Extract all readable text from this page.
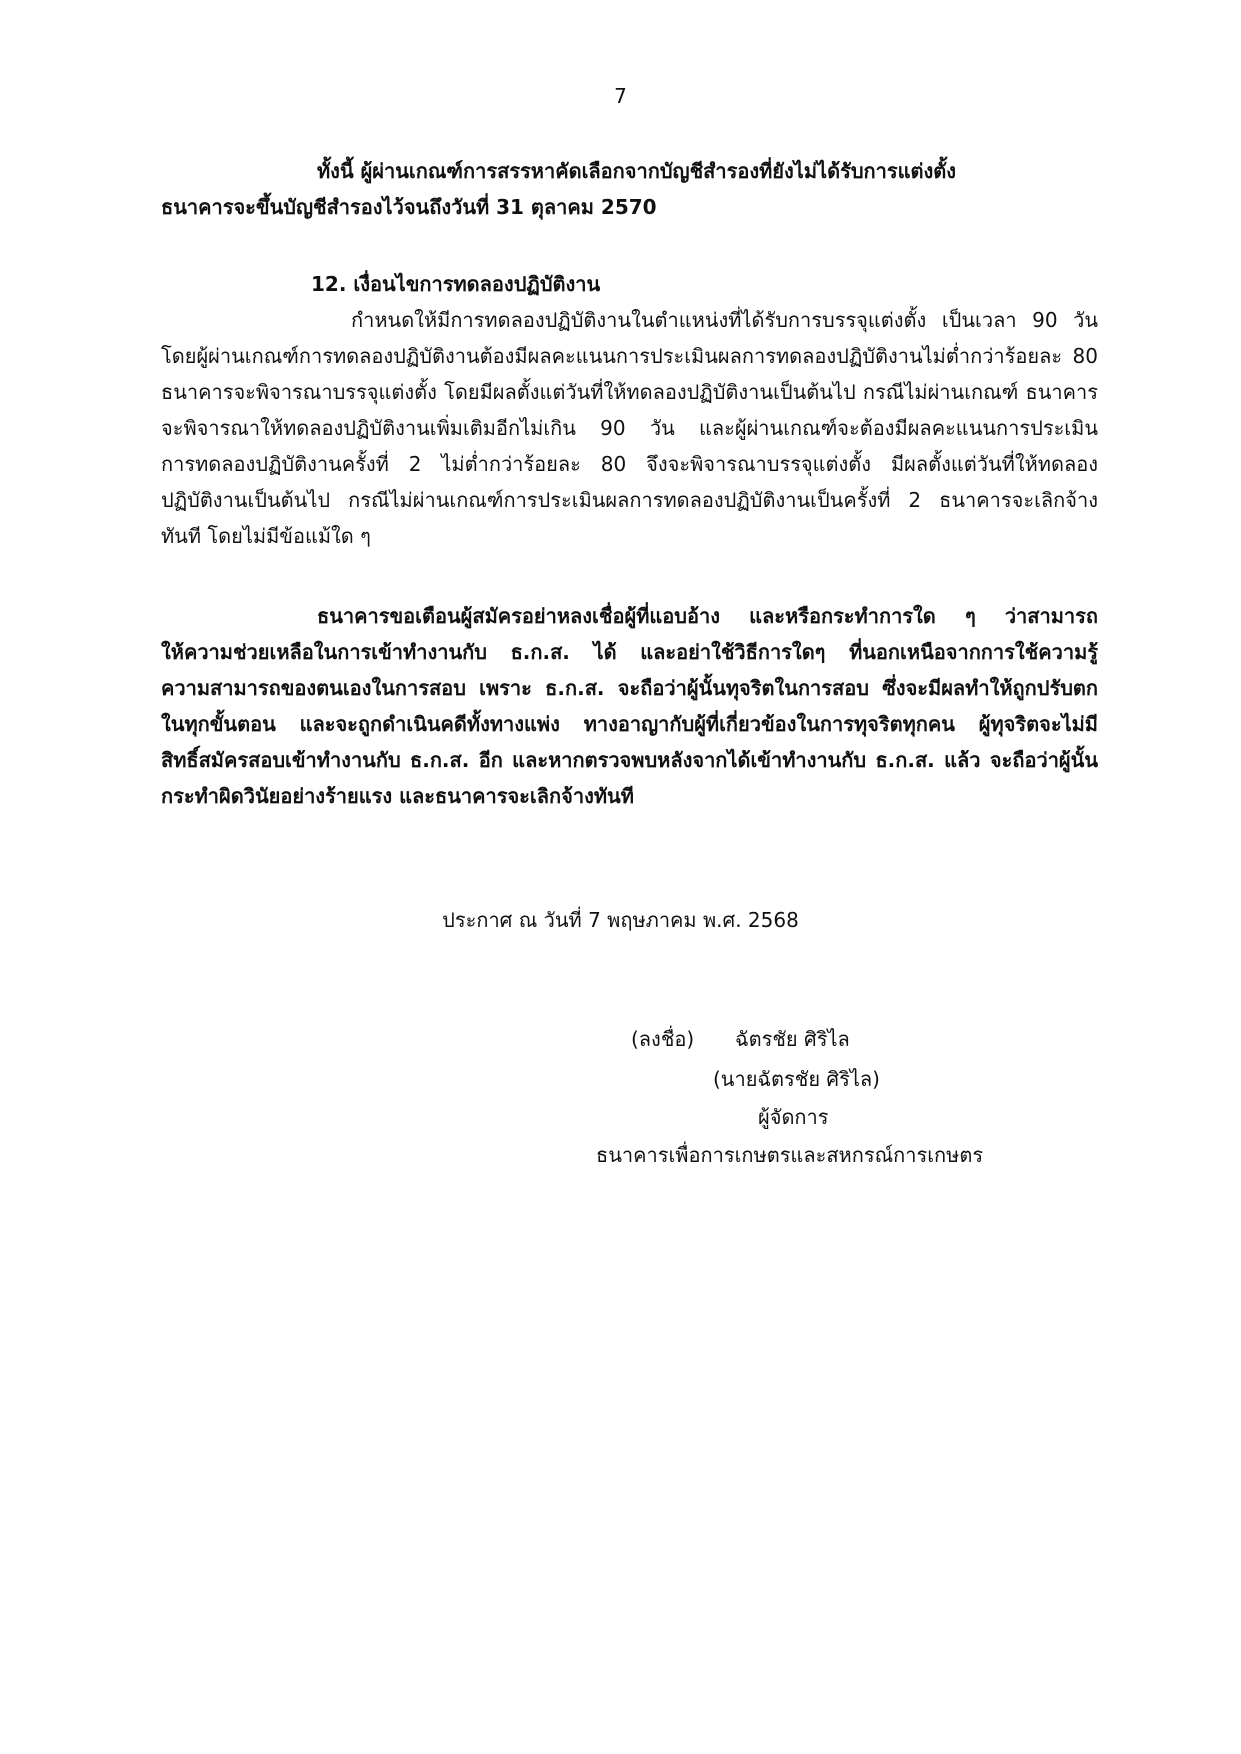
7
ทั้งนี้ ผู้ผ่านเกณฑ์การสรรหาคัดเลือกจากบัญชีสำรองที่ยังไม่ได้รับการแต่งตั้ง
ธนาคารจะขึ้นบัญชีสำรองไว้จนถึงวันที่ 31 ตุลาคม 2570
12. เงื่อนไขการทดลองปฏิบัติงาน
กำหนดให้มีการทดลองปฏิบัติงานในตำแหน่งที่ได้รับการบรรจุแต่งตั้ง เป็นเวลา 90 วัน
โดยผู้ผ่านเกณฑ์การทดลองปฏิบัติงานต้องมีผลคะแนนการประเมินผลการทดลองปฏิบัติงานไม่ต่ำกว่าร้อยละ 80
ธนาคารจะพิจารณาบรรจุแต่งตั้ง โดยมีผลตั้งแต่วันที่ให้ทดลองปฏิบัติงานเป็นต้นไป กรณีไม่ผ่านเกณฑ์ ธนาคาร
จะพิจารณาให้ทดลองปฏิบัติงานเพิ่มเติมอีกไม่เกิน 90 วัน และผู้ผ่านเกณฑ์จะต้องมีผลคะแนนการประเมิน
การทดลองปฏิบัติงานครั้งที่ 2 ไม่ต่ำกว่าร้อยละ 80 จึงจะพิจารณาบรรจุแต่งตั้ง มีผลตั้งแต่วันที่ให้ทดลอง
ปฏิบัติงานเป็นต้นไป กรณีไม่ผ่านเกณฑ์การประเมินผลการทดลองปฏิบัติงานเป็นครั้งที่ 2 ธนาคารจะเลิกจ้าง
ทันที โดยไม่มีข้อแม้ใด ๆ
ธนาคารขอเตือนผู้สมัครอย่าหลงเชื่อผู้ที่แอบอ้าง และหรือกระทำการใด ๆ ว่าสามารถ
ให้ความช่วยเหลือในการเข้าทำงานกับ ธ.ก.ส. ได้ และอย่าใช้วิธีการใดๆ ที่นอกเหนือจากการใช้ความรู้
ความสามารถของตนเองในการสอบ เพราะ ธ.ก.ส. จะถือว่าผู้นั้นทุจริตในการสอบ ซึ่งจะมีผลทำให้ถูกปรับตก
ในทุกขั้นตอน และจะถูกดำเนินคดีทั้งทางแพ่ง ทางอาญากับผู้ที่เกี่ยวข้องในการทุจริตทุกคน ผู้ทุจริตจะไม่มี
สิทธิ์สมัครสอบเข้าทำงานกับ ธ.ก.ส. อีก และหากตรวจพบหลังจากได้เข้าทำงานกับ ธ.ก.ส. แล้ว จะถือว่าผู้นั้น
กระทำผิดวินัยอย่างร้ายแรง และธนาคารจะเลิกจ้างทันที
ประกาศ ณ วันที่ 7 พฤษภาคม พ.ศ. 2568
(ลงชื่อ) ฉัตรชัย ศิริไล
(นายฉัตรชัย ศิริไล)
ผู้จัดการ
ธนาคารเพื่อการเกษตรและสหกรณ์การเกษตร
